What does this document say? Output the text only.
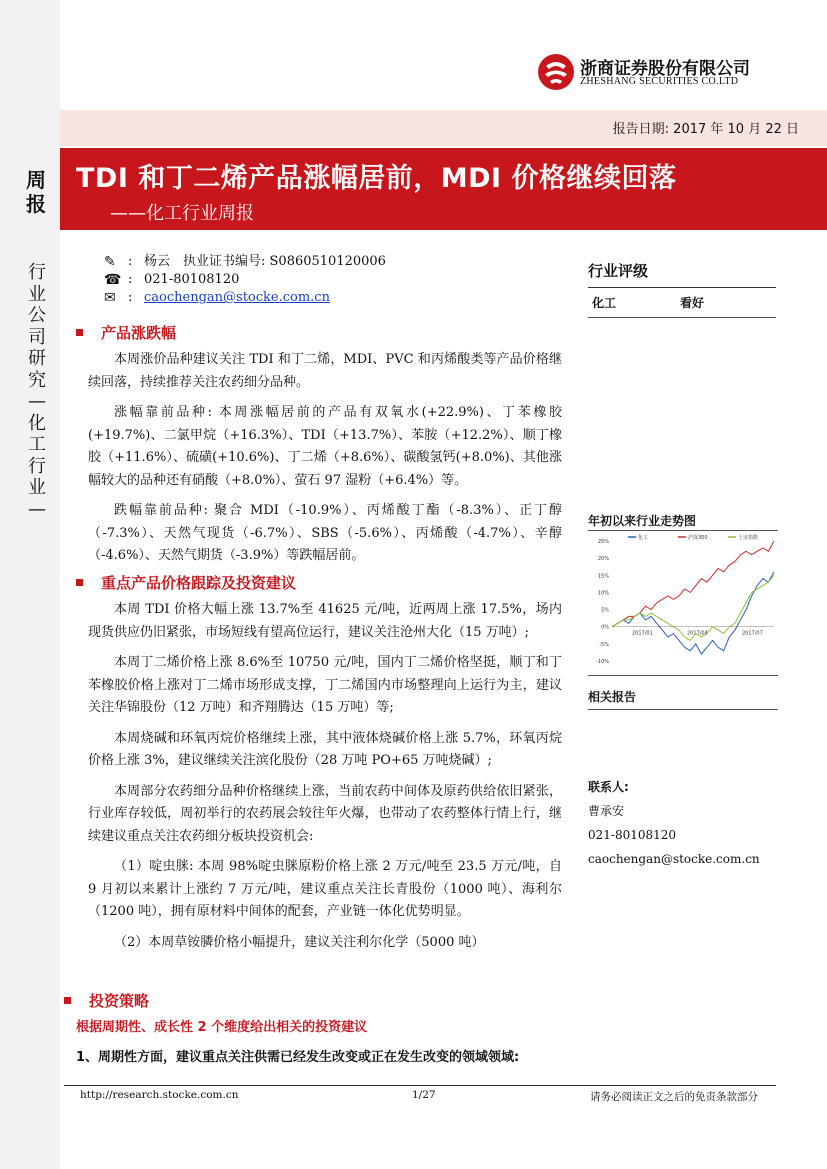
浙商证券股份有限公司
ZHESHANG SECURITIES CO.LTD
报告日期: 2017 年 10 月 22 日
周报
行业公司研究—化工行业—
TDI 和丁二烯产品涨幅居前，MDI 价格继续回落
——化工行业周报
✎ : 杨云　执业证书编号: S0860510120006
☎ : 021-80108120
✉ : caochengan@stocke.com.cn
行业评级
化工	看好
产品涨跌幅

本周涨价品种建议关注 TDI 和丁二烯，MDI、PVC 和丙烯酸类等产品价格继续回落，持续推荐关注农药细分品种。

涨幅靠前品种: 本周涨幅居前的产品有双氧水(+22.9%)、丁苯橡胶(+19.7%)、二氯甲烷（+16.3%）、TDI（+13.7%）、苯胺（+12.2%）、顺丁橡胶（+11.6%）、硫磺(+10.6%)、丁二烯（+8.6%）、碳酸氢钙(+8.0%)、其他涨幅较大的品种还有硝酸（+8.0%）、萤石 97 湿粉（+6.4%）等。

跌幅靠前品种: 聚合 MDI（-10.9%）、丙烯酸丁酯（-8.3%）、正丁醇（-7.3%）、天然气现货（-6.7%）、SBS（-5.6%）、丙烯酸（-4.7%）、辛醇（-4.6%）、天然气期货（-3.9%）等跌幅居前。

重点产品价格跟踪及投资建议

本周 TDI 价格大幅上涨 13.7%至 41625 元/吨，近两周上涨 17.5%，场内现货供应仍旧紧张，市场短线有望高位运行，建议关注沧州大化（15 万吨）;

本周丁二烯价格上涨 8.6%至 10750 元/吨，国内丁二烯价格坚挺，顺丁和丁苯橡胶价格上涨对丁二烯市场形成支撑，丁二烯国内市场整理向上运行为主，建议关注华锦股份（12 万吨）和齐翔腾达（15 万吨）等;

本周烧碱和环氧丙烷价格继续上涨，其中液体烧碱价格上涨 5.7%，环氧丙烷价格上涨 3%，建议继续关注滨化股份（28 万吨 PO+65 万吨烧碱）;

本周部分农药细分品种价格继续上涨，当前农药中间体及原药供给依旧紧张，行业库存较低，周初举行的农药展会较往年火爆，也带动了农药整体行情上行，继续建议重点关注农药细分板块投资机会:

（1）啶虫脒: 本周 98%啶虫脒原粉价格上涨 2 万元/吨至 23.5 万元/吨，自 9 月初以来累计上涨约 7 万元/吨，建议重点关注长青股份（1000 吨）、海利尔（1200 吨），拥有原材料中间体的配套，产业链一体化优势明显。

（2）本周草铵膦价格小幅提升，建议关注利尔化学（5000 吨）

年初以来行业走势图
25%
20%
15%
10%
5%
0%
-5%
-10%
2017/01	2017/04	2017/07
化工	沪深300	上证指数
相关报告
联系人:
曹承安
021-80108120
caochengan@stocke.com.cn
投资策略
根据周期性、成长性 2 个维度给出相关的投资建议
1、周期性方面，建议重点关注供需已经发生改变或正在发生改变的领域领域:
http://research.stocke.com.cn	1/27	请务必阅读正文之后的免责条款部分
